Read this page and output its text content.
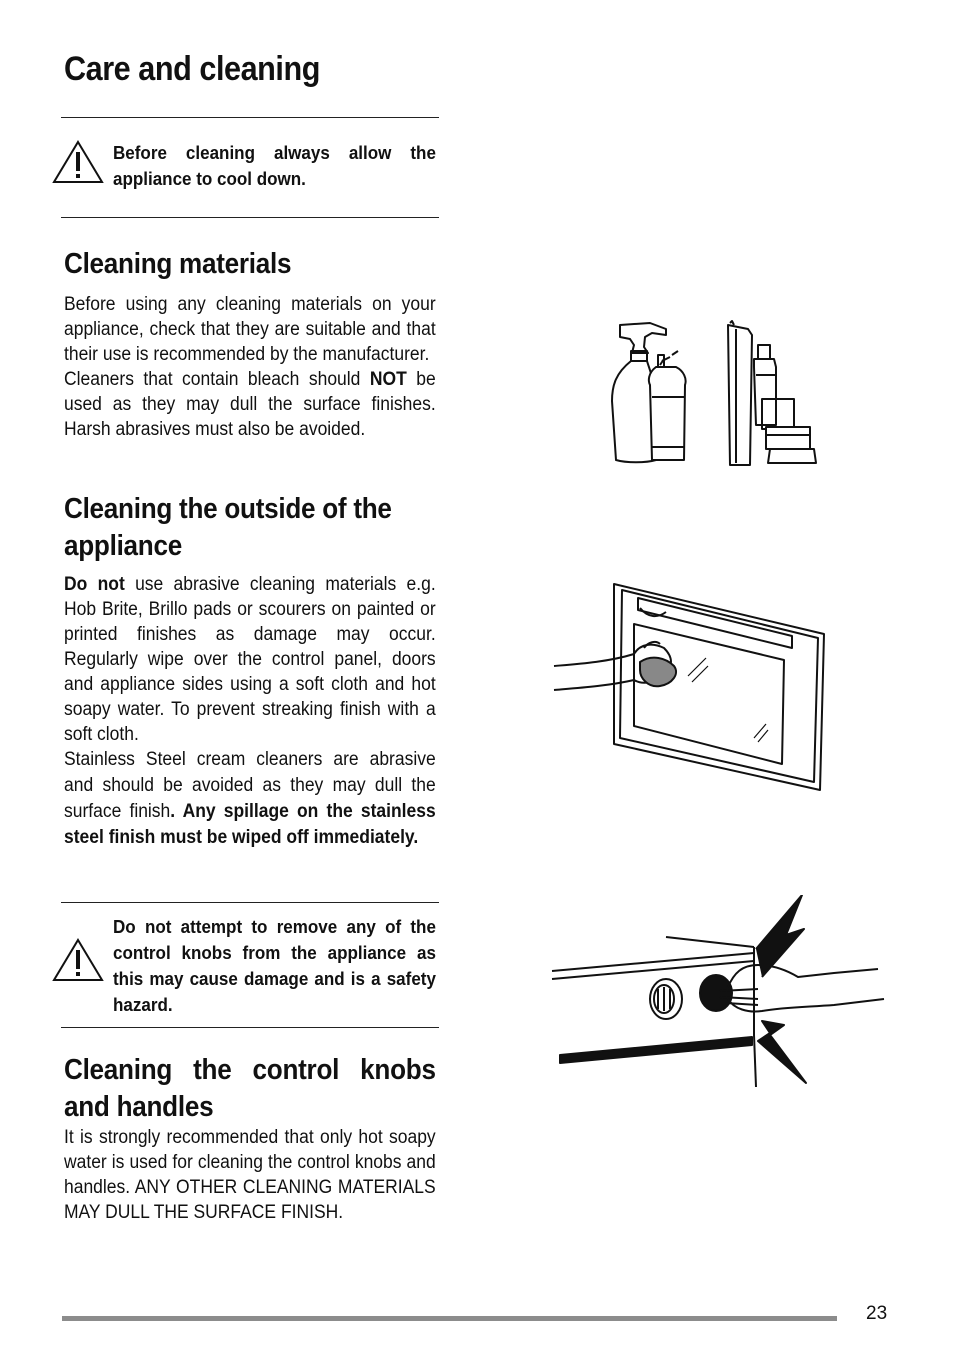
Care and cleaning

Before cleaning always allow the appliance to cool down.

Cleaning materials

Before using any cleaning materials on your appliance, check that they are suitable and that their use is recommended by the manufacturer.

Cleaners that contain bleach should NOT be used as they may dull the surface finishes. Harsh abrasives must also be avoided.

Cleaning the outside of the appliance

Do not use abrasive cleaning materials e.g. Hob Brite, Brillo pads or scourers on painted or printed finishes as damage may occur. Regularly wipe over the control panel, doors and appliance sides using a soft cloth and hot soapy water. To prevent streaking finish with a soft cloth.

Stainless Steel cream cleaners are abrasive and should be avoided as they may dull the surface finish. Any spillage on the stainless steel finish must be wiped off immediately.

Do not attempt to remove any of the control knobs from the appliance as this may cause damage and is a safety hazard.

Cleaning the control knobs and handles

It is strongly recommended that only hot soapy water is used for cleaning the control knobs and handles. ANY OTHER CLEANING MATERIALS MAY DULL THE SURFACE FINISH.

23
